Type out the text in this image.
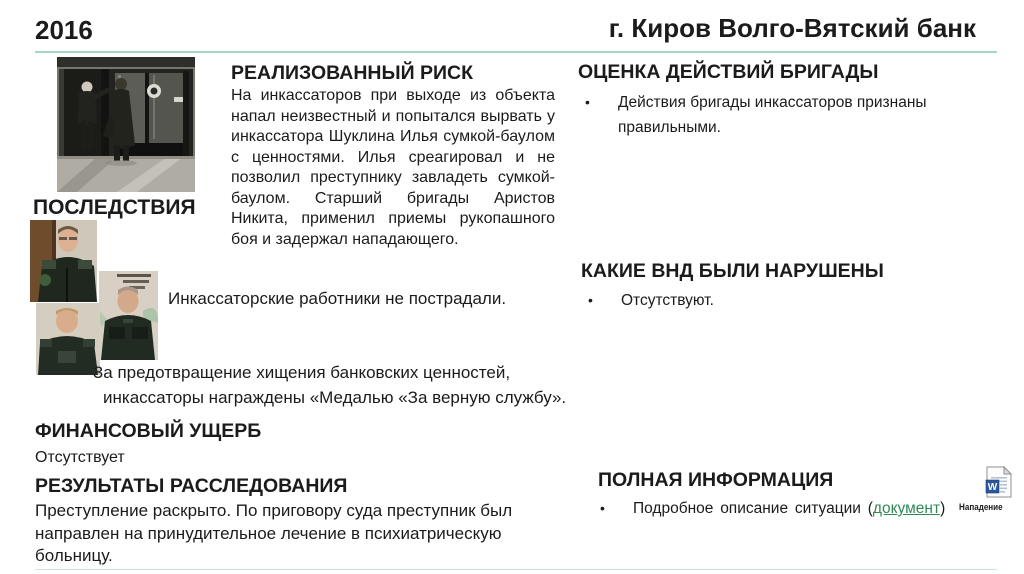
2016	г. Киров Волго-Вятский банк
РЕАЛИЗОВАННЫЙ РИСК
На инкассаторов при выходе из объекта напал неизвестный и попытался вырвать у инкассатора Шуклина Илья сумкой-баулом с ценностями. Илья среагировал и не позволил преступнику завладеть сумкой-баулом. Старший бригады Аристов Никита, применил приемы рукопашного боя и задержал нападающего.
ПОСЛЕДСТВИЯ
Инкассаторские работники не пострадали.
За предотвращение хищения банковских ценностей,
инкассаторы награждены «Медалью «За верную службу».
ФИНАНСОВЫЙ УЩЕРБ
Отсутствует
РЕЗУЛЬТАТЫ РАССЛЕДОВАНИЯ
Преступление раскрыто. По приговору суда преступник был направлен на принудительное лечение в психиатрическую больницу.
ОЦЕНКА ДЕЙСТВИЙ БРИГАДЫ
•	Действия бригады инкассаторов признаны правильными.
КАКИЕ ВНД БЫЛИ НАРУШЕНЫ
•	Отсутствуют.
ПОЛНАЯ ИНФОРМАЦИЯ
•	Подробное описание ситуации (документ)
W
Нападение
